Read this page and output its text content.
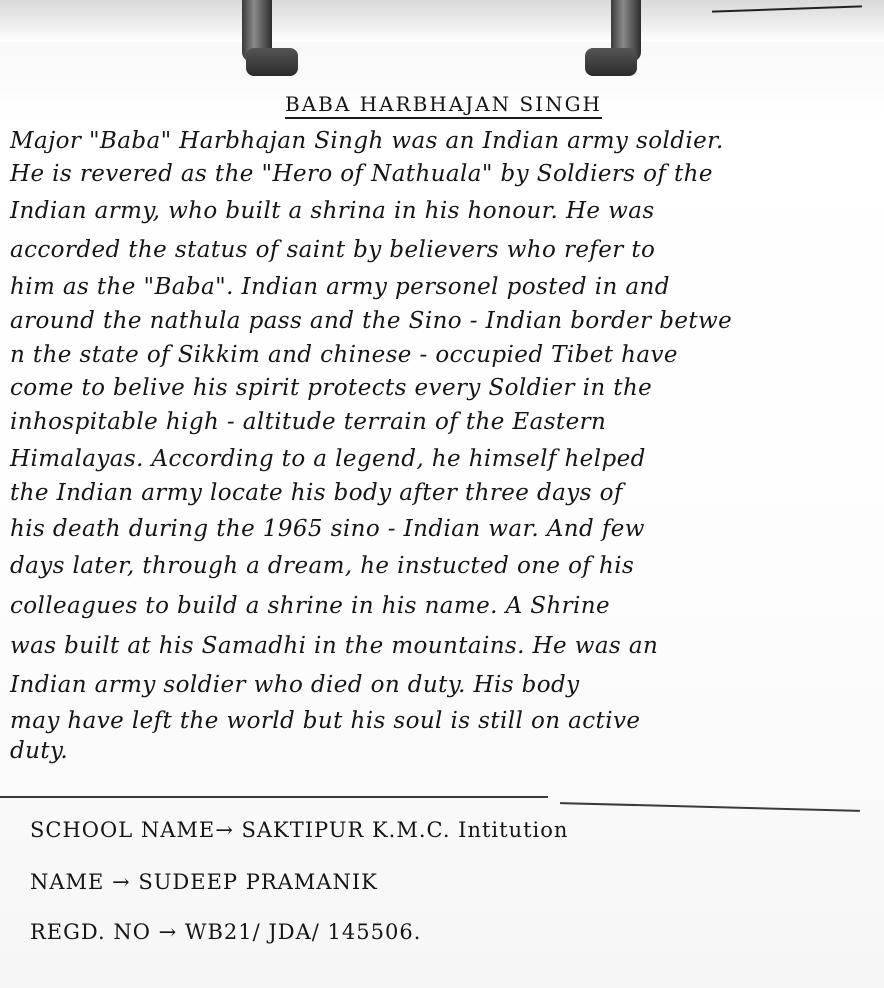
BABA HARBHAJAN SINGH
Major "Baba" Harbhajan Singh was an Indian army soldier.
He is revered as the "Hero of Nathuala" by Soldiers of the
Indian army, who built a shrina in his honour. He was
accorded the status of saint by believers who refer to
him as the "Baba". Indian army personel posted in and
around the nathula pass and the Sino - Indian border betwe
n the state of Sikkim and chinese - occupied Tibet have
come to belive his spirit protects every Soldier in the
inhospitable high - altitude terrain of the Eastern
Himalayas. According to a legend, he himself helped
the Indian army locate his body after three days of
his death during the 1965 sino - Indian war. And few
days later, through a dream, he instucted one of his
colleagues to build a shrine in his name. A Shrine
was built at his Samadhi in the mountains. He was an
Indian army soldier who died on duty. His body
may have left the world but his soul is still on active
duty.
SCHOOL NAME→ SAKTIPUR K.M.C. Intitution
NAME → SUDEEP PRAMANIK
REGD. NO → WB21/ JDA/ 145506.
